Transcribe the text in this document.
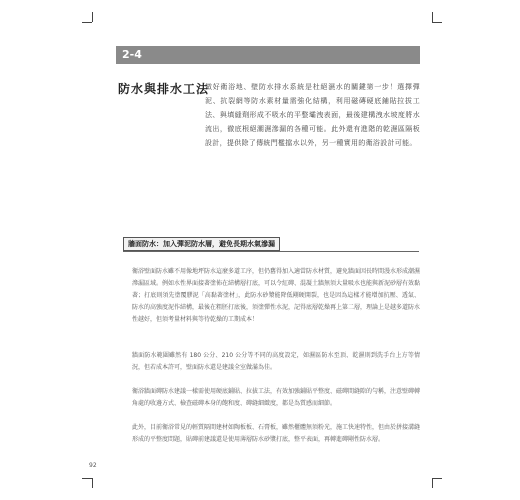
2-4
防水與排水工法
做好衛浴地、壁防水排水系統是杜絕濕水的關鍵第一步！選擇彈泥、抗裂網等防水素材量需強化結構，利用磁磚硬底鋪貼拉拔工法、與填縫劑形成不吸水的平整壩洩表面，最後建構洩水坡度將水流出，徹底根絕潮濕滲漏的各種可能。此外還有進階的乾濕區隔板設計，提供除了傳統門檻擋水以外，另一種實用的衛浴設計可能。
牆面防水：加入彈泥防水層，避免長期水氣滲漏

衛浴壁面防水雖不用像地坪防水這麼多道工序，但仍舊得加入適當防水材質，避免牆面因長時間漫水形成潮濕滲漏區域。例如水性界面接著塗佈在結構層打底，可以令紅磚、混凝土牆無須大量吸水也能與新泥砂層有效黏著；打底則須先塗覆膠泥「高黏著塗材」，此防水砂漿能降低剛硬開裂，也是因為這樣才能增加抗壓、透氣、防水的高強度泥作結構，最後在粗胚打底後，須塗彈性水泥，記得底層乾燥再上第二層，理論上是越多道防水性越好，但須考量材料與等待乾燥的工期成本！

牆面防水範圍雖然有 180 公分、210 公分等不同的高度設定，如濕區防水至頂、乾濕則到洗手台上方等情況，但若成本許可，壁面防水還是建議全室做滿為佳。

衛浴牆面磚防水建議一樣需使用硬底鋪貼、拉拔工法，有效加強鋪貼平整度、磁磚間縫隙的勻稱，注意壁磚轉角處的收邊方式、檢查磁磚本身的飽和度、磚縫細緻度，都是為質感而細節。

此外，目前衛浴常見的輕質隔間建材如陶板板、石膏板，雖然櫃體無須粉光，施工快速特性，但由於拼接溝縫形成的平整度問題，貼磚前建議還是使用薄層防水砂漿打底，整平表面，再轉進磚剛性防水層。

92
